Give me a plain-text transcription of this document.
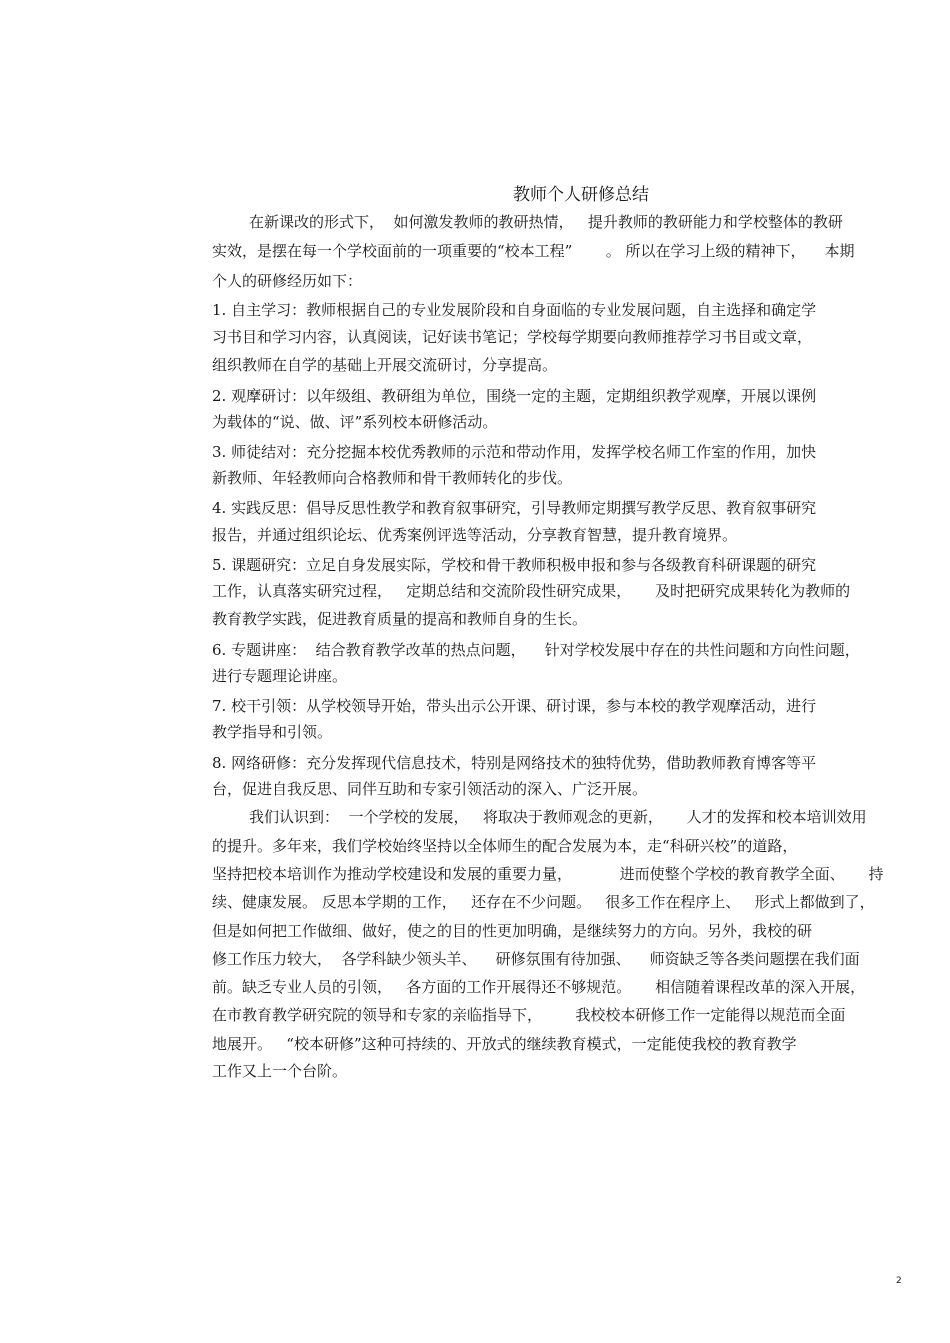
教师个人研修总结
在新课改的形式下，  如何激发教师的教研热情，   提升教师的教研能力和学校整体的教研
实效，是摆在每一个学校面前的一项重要的“校本工程”       。 所以在学习上级的精神下，    本期
个人的研修经历如下：
1. 自主学习：教师根据自己的专业发展阶段和自身面临的专业发展问题，自主选择和确定学
习书目和学习内容，认真阅读，记好读书笔记；学校每学期要向教师推荐学习书目或文章，
组织教师在自学的基础上开展交流研讨，分享提高。
2. 观摩研讨：以年级组、教研组为单位，围绕一定的主题，定期组织教学观摩，开展以课例
为载体的“说、做、评”系列校本研修活动。
3. 师徒结对：充分挖掘本校优秀教师的示范和带动作用，发挥学校名师工作室的作用，加快
新教师、年轻教师向合格教师和骨干教师转化的步伐。
4. 实践反思：倡导反思性教学和教育叙事研究，引导教师定期撰写教学反思、教育叙事研究
报告，并通过组织论坛、优秀案例评选等活动，分享教育智慧，提升教育境界。
5. 课题研究：立足自身发展实际，学校和骨干教师积极申报和参与各级教育科研课题的研究
工作，认真落实研究过程，   定期总结和交流阶段性研究成果，     及时把研究成果转化为教师的
教育教学实践，促进教育质量的提高和教师自身的生长。
6. 专题讲座：  结合教育教学改革的热点问题，    针对学校发展中存在的共性问题和方向性问题，
进行专题理论讲座。
7. 校干引领：从学校领导开始，带头出示公开课、研讨课，参与本校的教学观摩活动，进行
教学指导和引领。
8. 网络研修：充分发挥现代信息技术，特别是网络技术的独特优势，借助教师教育博客等平
台，促进自我反思、同伴互助和专家引领活动的深入、广泛开展。
我们认识到：  一个学校的发展，   将取决于教师观念的更新，     人才的发挥和校本培训效用
的提升。多年来，我们学校始终坚持以全体师生的配合发展为本，走“科研兴校”的道路，
坚持把校本培训作为推动学校建设和发展的重要力量，          进而使整个学校的教育教学全面、     持
续、健康发展。 反思本学期的工作，   还存在不少问题。   很多工作在程序上、   形式上都做到了，
但是如何把工作做细、做好，使之的目的性更加明确，是继续努力的方向。另外，我校的研
修工作压力较大，  各学科缺少领头羊、    研修氛围有待加强、    师资缺乏等各类问题摆在我们面
前。缺乏专业人员的引领，   各方面的工作开展得还不够规范。     相信随着课程改革的深入开展，
在市教育教学研究院的领导和专家的亲临指导下，       我校校本研修工作一定能得以规范而全面
地展开。   “校本研修”这种可持续的、开放式的继续教育模式，一定能使我校的教育教学
工作又上一个台阶。
2
